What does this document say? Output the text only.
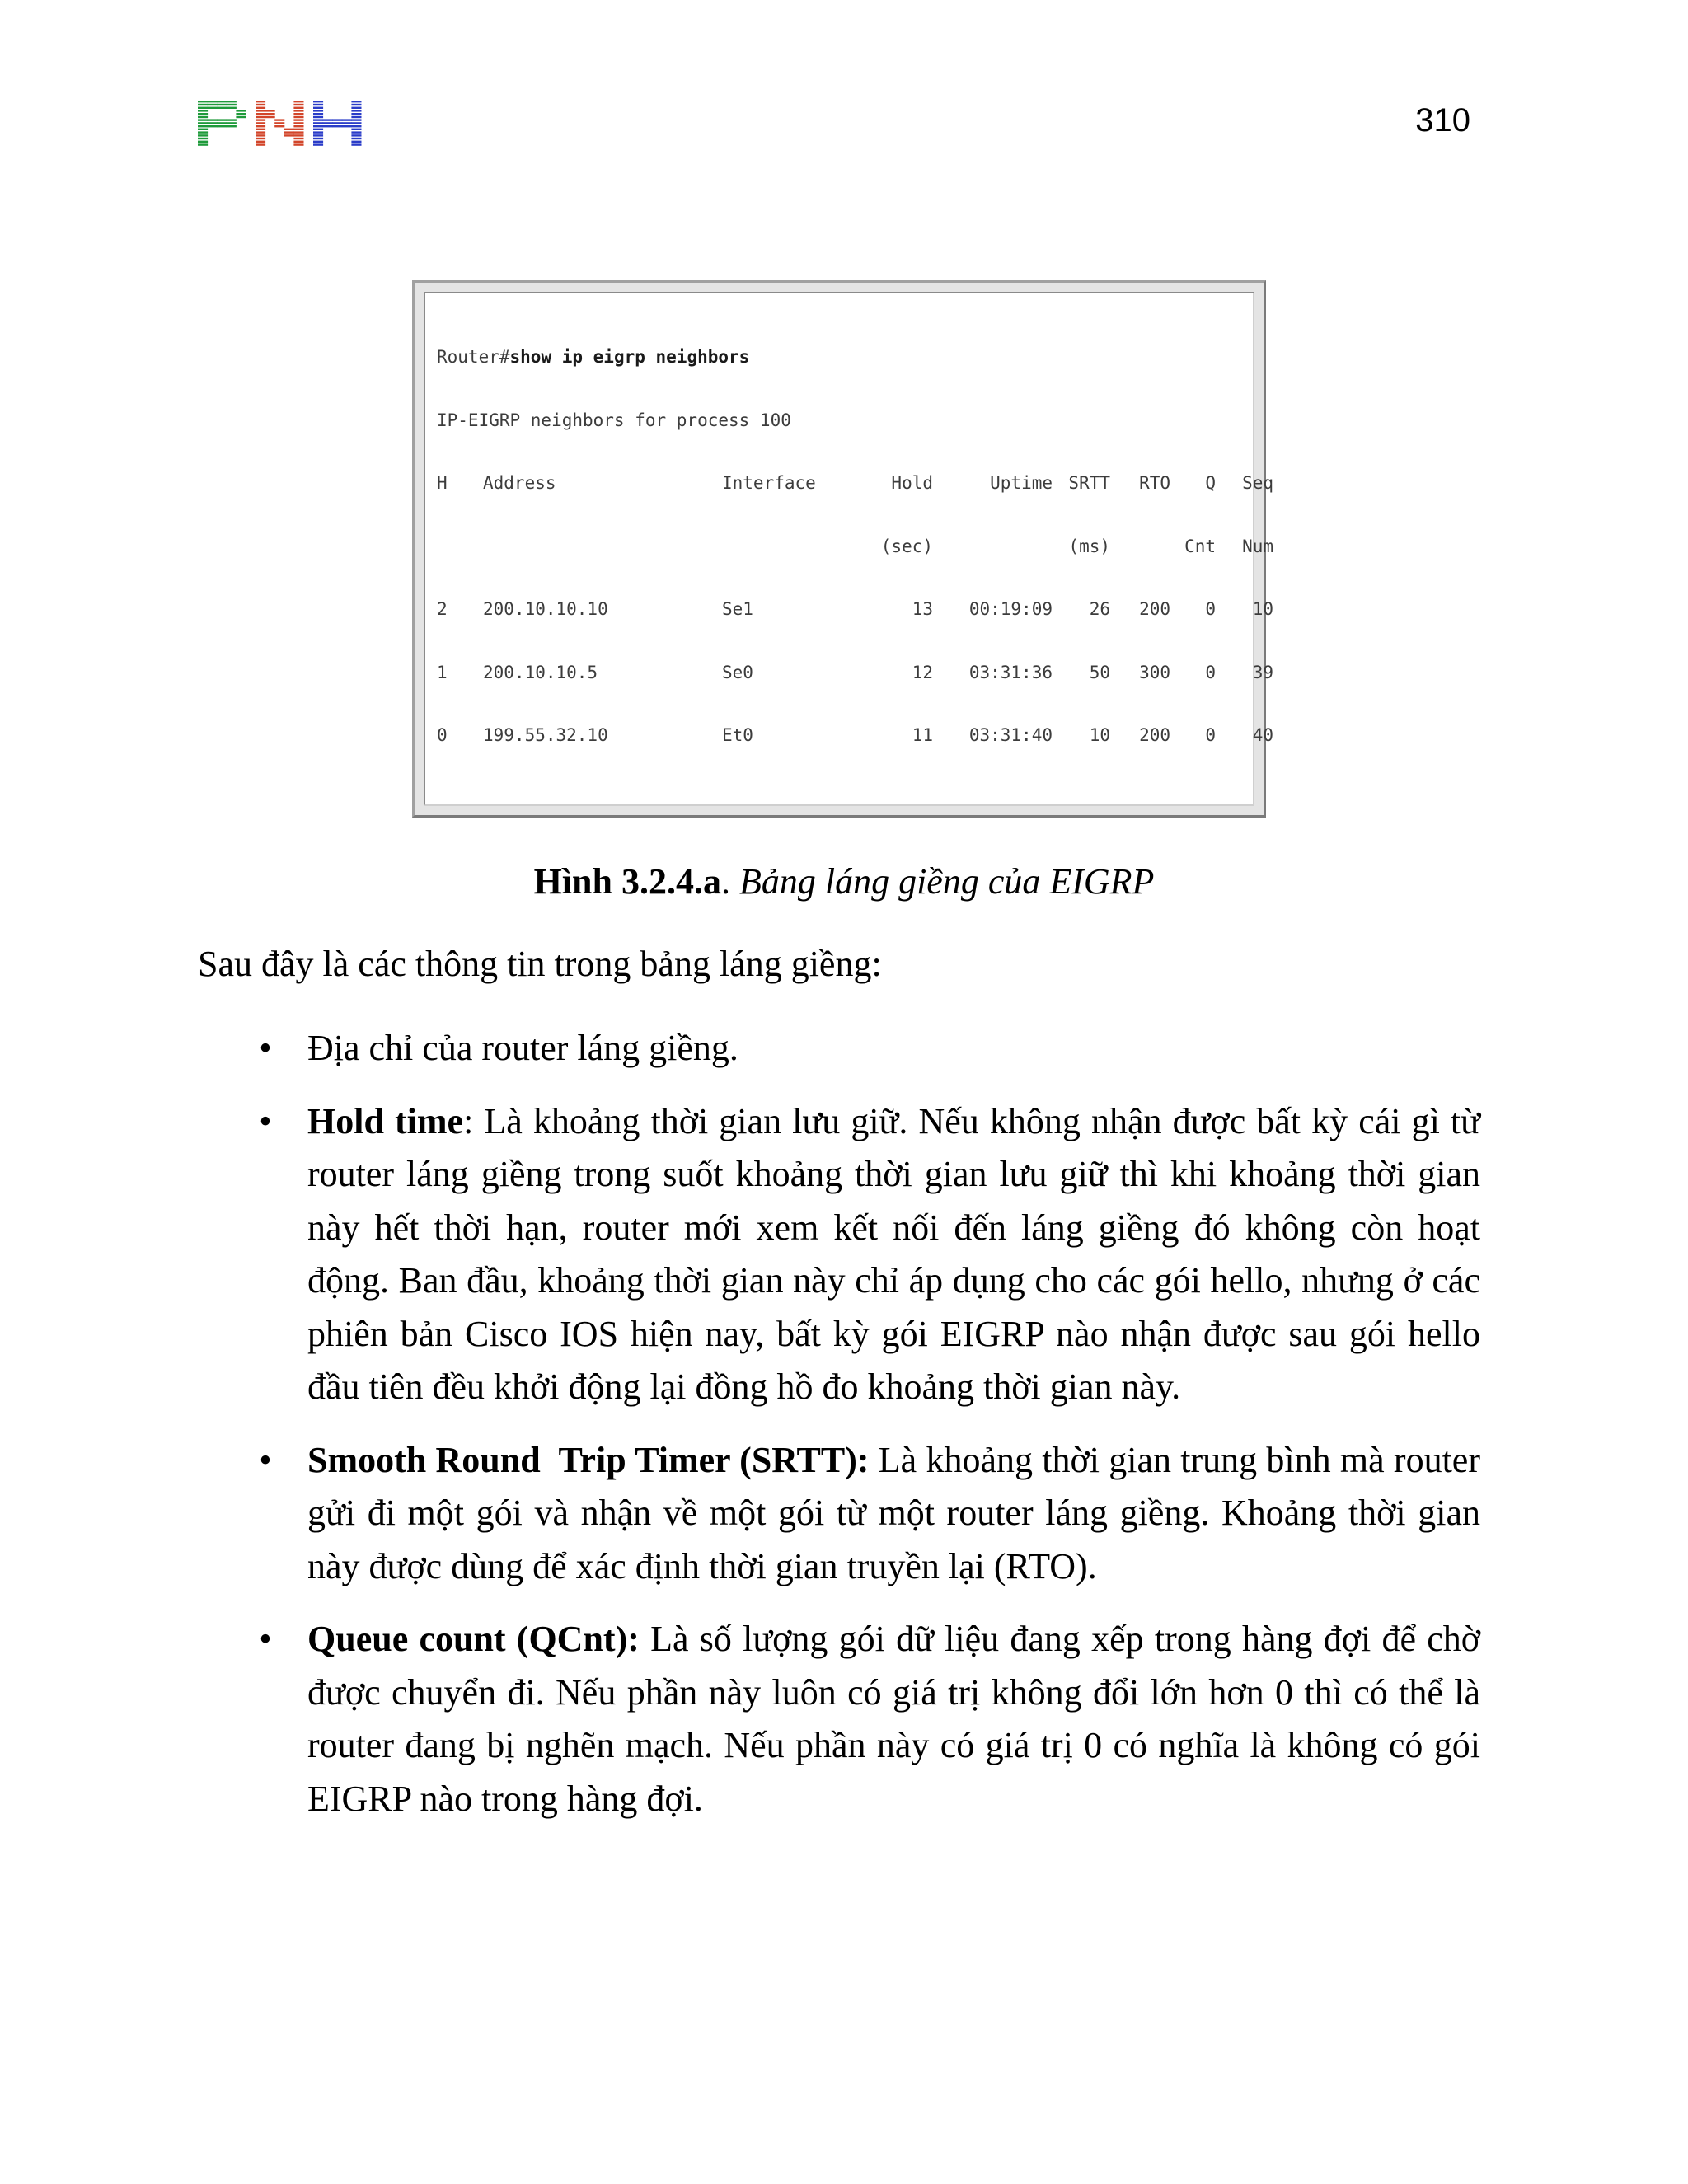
310

Router#show ip eigrp neighbors

IP-EIGRP neighbors for process 100

H Address	Interface	Hold	Uptime SRTT RTO Q Seq

(sec)	(ms)	Cnt Num

2 200.10.10.10	Se1	13 00:19:09 26 200 0 10

1 200.10.10.5	Se0	12 03:31:36 50 300 0 39

0 199.55.32.10	Et0	11 03:31:40 10 200 0 40

Hình 3.2.4.a. Bảng láng giềng của EIGRP
Sau đây là các thông tin trong bảng láng giềng:
• Địa chỉ của router láng giềng.
• Hold time: Là khoảng thời gian lưu giữ. Nếu không nhận được bất kỳ cái gì từ router láng giềng trong suốt khoảng thời gian lưu giữ thì khi khoảng thời gian này hết thời hạn, router mới xem kết nối đến láng giềng đó không còn hoạt động. Ban đầu, khoảng thời gian này chỉ áp dụng cho các gói hello, nhưng ở các phiên bản Cisco IOS hiện nay, bất kỳ gói EIGRP nào nhận được sau gói hello đầu tiên đều khởi động lại đồng hồ đo khoảng thời gian này.
• Smooth Round  Trip Timer (SRTT): Là khoảng thời gian trung bình mà router gửi đi một gói và nhận về một gói từ một router láng giềng. Khoảng thời gian này được dùng để xác định thời gian truyền lại (RTO).
• Queue count (QCnt): Là số lượng gói dữ liệu đang xếp trong hàng đợi để chờ được chuyển đi. Nếu phần này luôn có giá trị không đổi lớn hơn 0 thì có thể là router đang bị nghẽn mạch. Nếu phần này có giá trị 0 có nghĩa là không có gói EIGRP nào trong hàng đợi.
